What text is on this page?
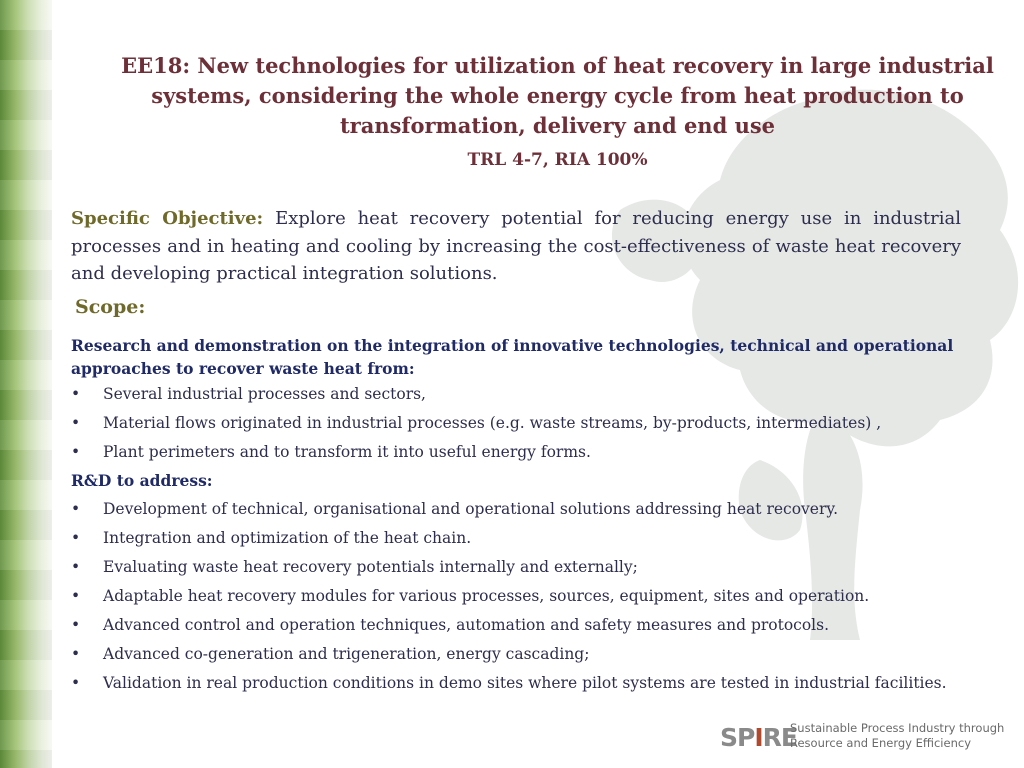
EE18: New technologies for utilization of heat recovery in large industrial systems, considering the whole energy cycle from heat production to transformation, delivery and end use
TRL 4-7, RIA 100%
Specific Objective: Explore heat recovery potential for reducing energy use in industrial processes and in heating and cooling by increasing the cost-effectiveness of waste heat recovery and developing practical integration solutions.
Scope:
Research and demonstration on the integration of innovative technologies, technical and operational approaches to recover waste heat from:
• Several industrial processes and sectors,
• Material flows originated in industrial processes (e.g. waste streams, by-products, intermediates) ,
• Plant perimeters and to transform it into useful energy forms.
R&D to address:
• Development of technical, organisational and operational solutions addressing heat recovery.
• Integration and optimization of the heat chain.
• Evaluating waste heat recovery potentials internally and externally;
• Adaptable heat recovery modules for various processes, sources, equipment, sites and operation.
• Advanced control and operation techniques, automation and safety measures and protocols.
• Advanced co-generation and trigeneration, energy cascading;
• Validation in real production conditions in demo sites where pilot systems are tested in industrial facilities.
SPIRE
Sustainable Process Industry through
Resource and Energy Efficiency
